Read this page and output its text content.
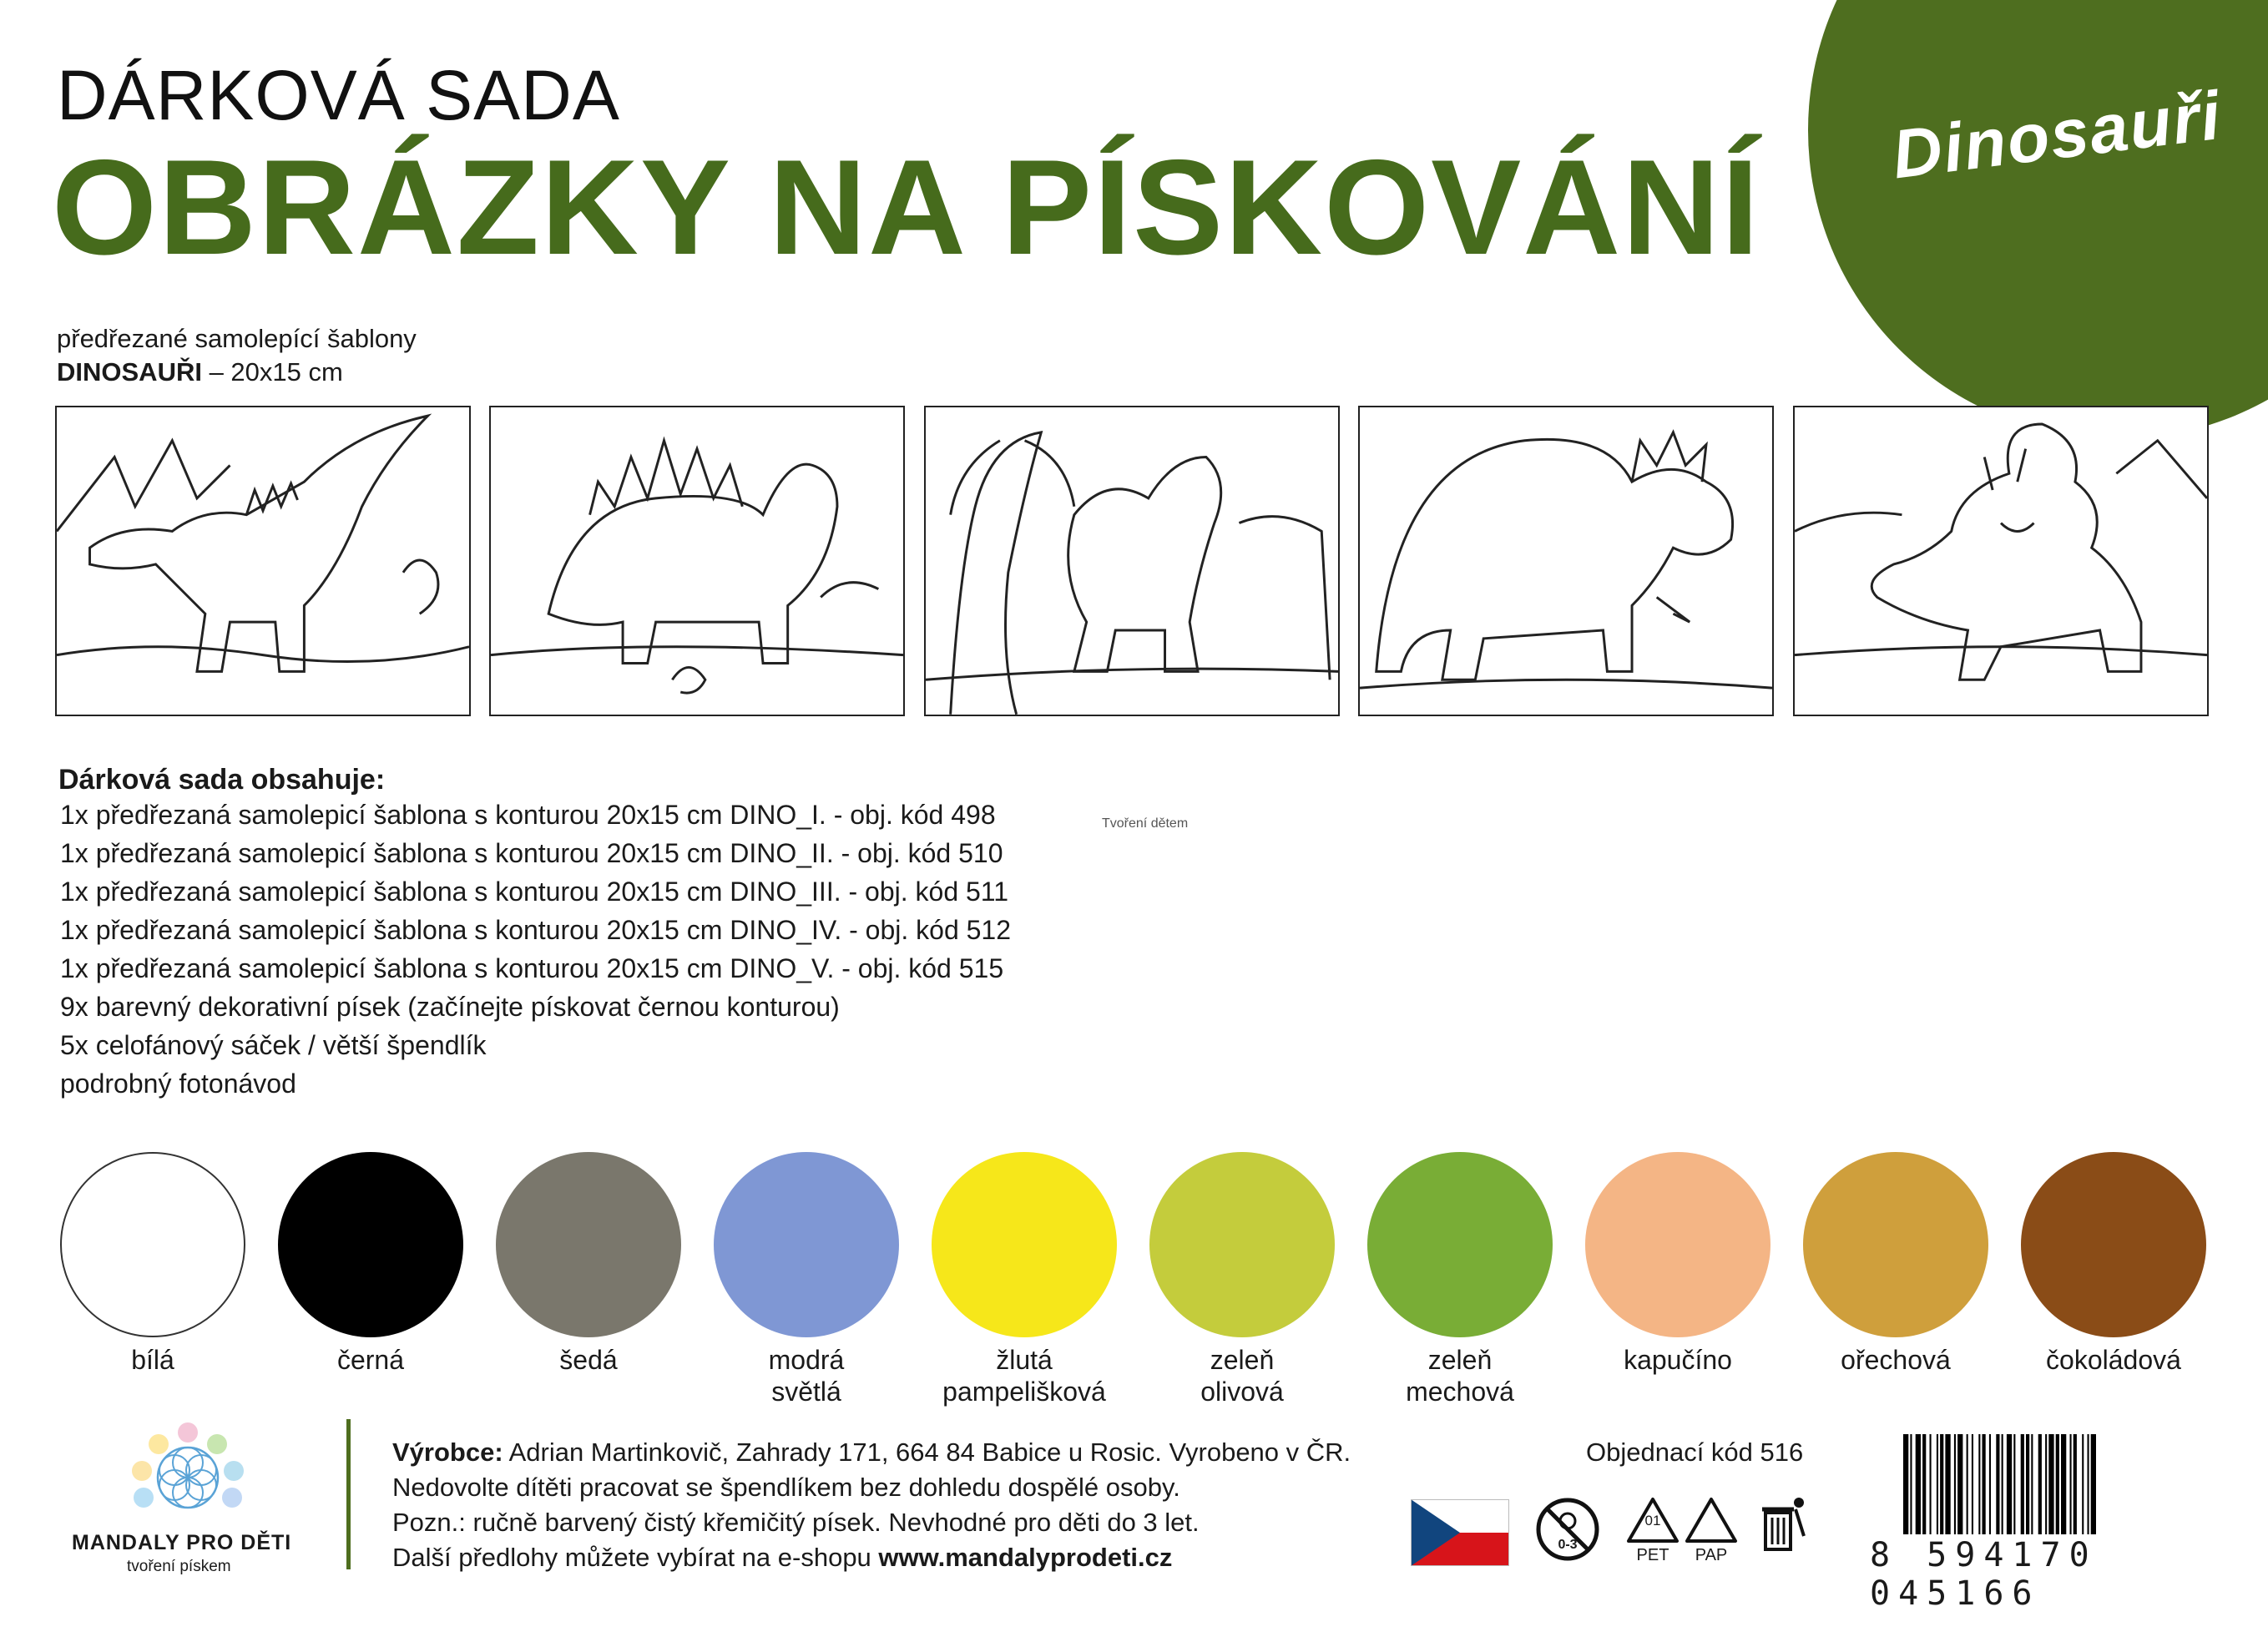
Dinosauři
DÁRKOVÁ SADA
OBRÁZKY NA PÍSKOVÁNÍ
předřezané samolepící šablony
DINOSAUŘI – 20x15 cm
Dárková sada obsahuje:
1x předřezaná samolepicí šablona s konturou 20x15 cm DINO_I. - obj. kód 498
1x předřezaná samolepicí šablona s konturou 20x15 cm DINO_II. - obj. kód 510
1x předřezaná samolepicí šablona s konturou 20x15 cm DINO_III. - obj. kód 511
1x předřezaná samolepicí šablona s konturou 20x15 cm DINO_IV. - obj. kód 512
1x předřezaná samolepicí šablona s konturou 20x15 cm DINO_V. - obj. kód 515
9x barevný dekorativní písek (začínejte pískovat černou konturou)
5x celofánový sáček / větší špendlík
podrobný fotonávod
Tvoření dětem
bílá	černá	šedá	modrá
světlá
žlutá
pampelišková
zeleň
olivová
zeleň
mechová
kapučíno	ořechová	čokoládová
MANDALY PRO DĚTI
tvoření pískem
Výrobce: Adrian Martinkovič, Zahrady 171, 664 84 Babice u Rosic. Vyrobeno v ČR.
Nedovolte dítěti pracovat se špendlíkem bez dohledu dospělé osoby.
Pozn.: ručně barvený čistý křemičitý písek. Nevhodné pro děti do 3 let.
Další předlohy můžete vybírat na e-shopu www.mandalyprodeti.cz
Objednací kód 516
0-3
01
PET	PAP	8 594170 045166
